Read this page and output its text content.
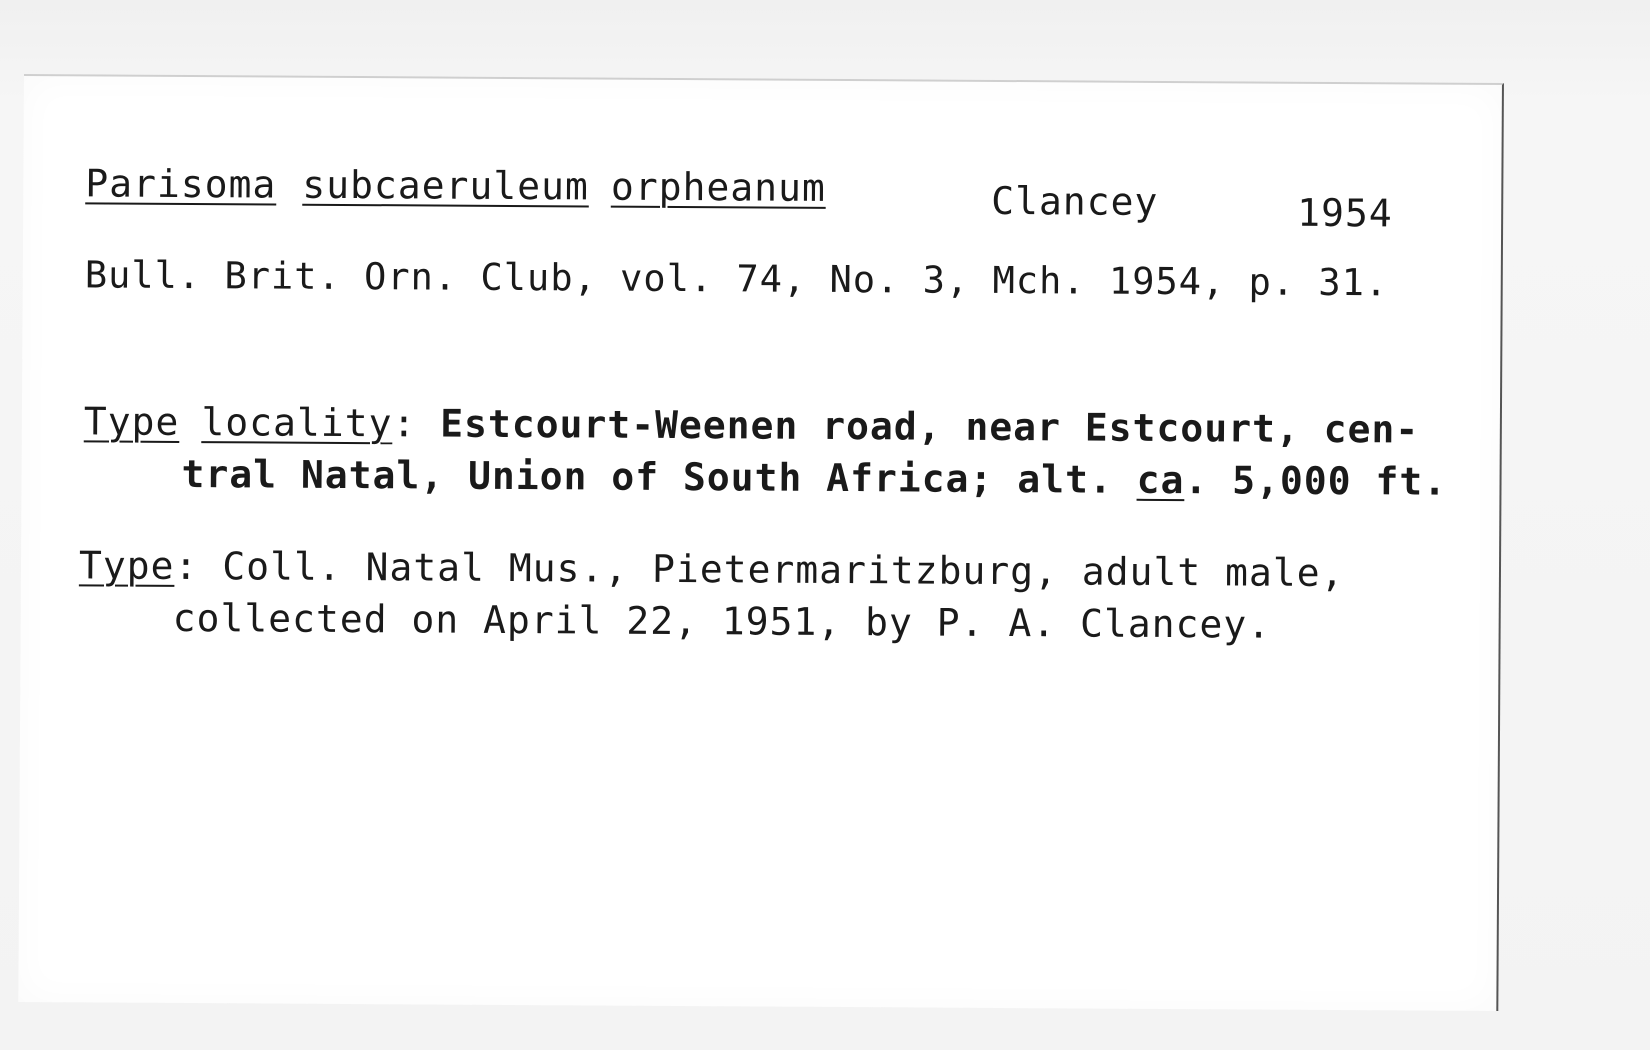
Parisoma subcaeruleum orpheanum	Clancey	1954
Bull. Brit. Orn. Club, vol. 74, No. 3, Mch. 1954, p. 31.
Type locality : Estcourt-Weenen road, near Estcourt, cen-
tral Natal, Union of South Africa; alt. ca . 5,000 ft.
Type : Coll. Natal Mus., Pietermaritzburg, adult male,
collected on April 22, 1951, by P. A. Clancey.
